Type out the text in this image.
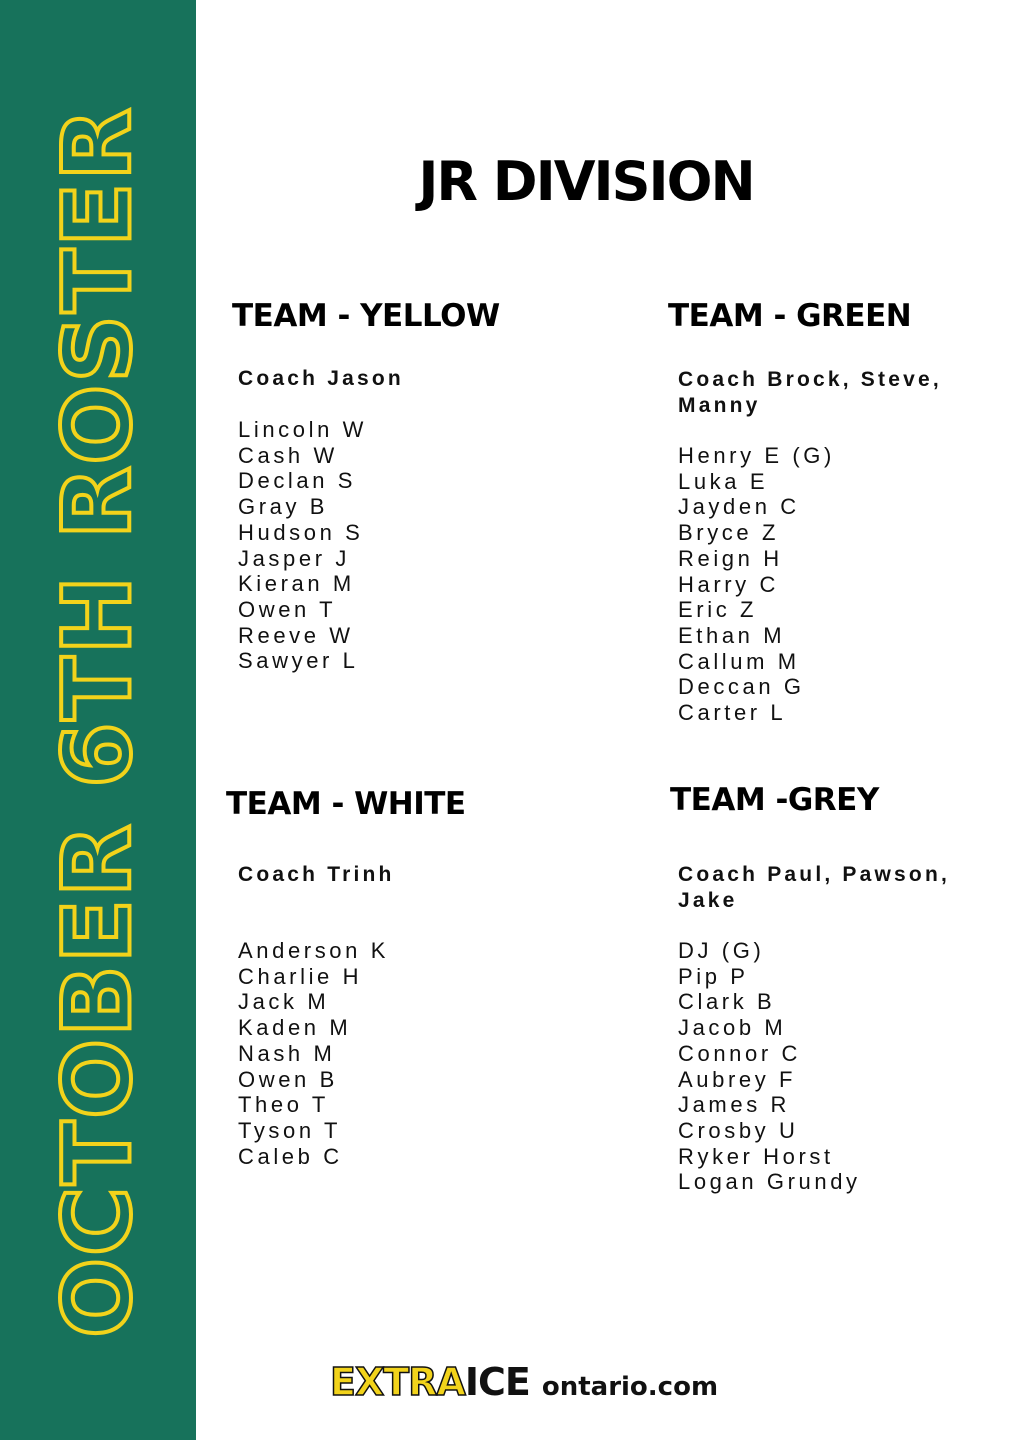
OCTOBER 6TH ROSTER	JR DIVISION
TEAM - YELLOW

Coach Jason

Lincoln W
Cash W
Declan S
Gray B
Hudson S
Jasper J
Kieran M
Owen T
Reeve W
Sawyer L
TEAM - GREEN

Coach Brock, Steve,
Manny

Henry E (G)
Luka E
Jayden C
Bryce Z
Reign H
Harry C
Eric Z
Ethan M
Callum M
Deccan G
Carter L
TEAM - WHITE

Coach Trinh

Anderson K
Charlie H
Jack M
Kaden M
Nash M
Owen B
Theo T
Tyson T
Caleb C
TEAM -GREY

Coach Paul, Pawson,
Jake

DJ (G)
Pip P
Clark B
Jacob M
Connor C
Aubrey F
James R
Crosby U
Ryker Horst
Logan Grundy
EXTRA ICE ontario.com
